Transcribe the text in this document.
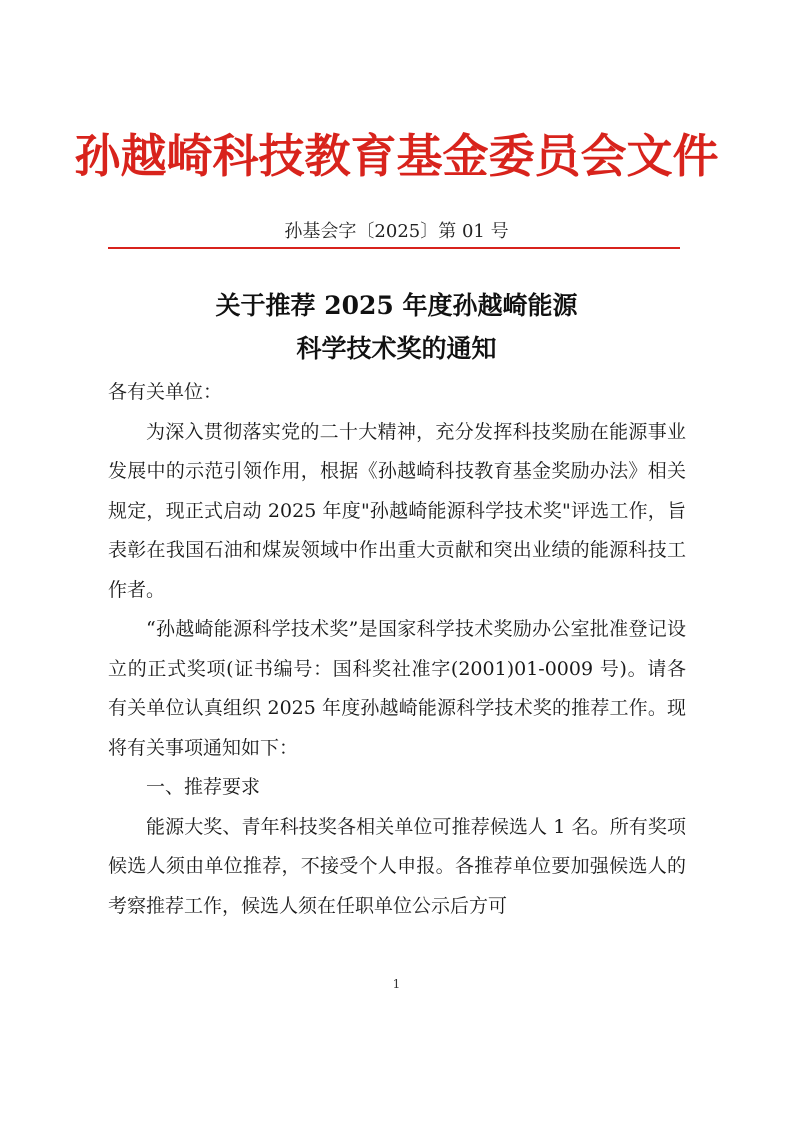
孙越崎科技教育基金委员会文件
孙基会字〔2025〕第 01 号
关于推荐 2025 年度孙越崎能源
科学技术奖的通知

各有关单位：

为深入贯彻落实党的二十大精神，充分发挥科技奖励在能源事业发展中的示范引领作用，根据《孙越崎科技教育基金奖励办法》相关规定，现正式启动 2025 年度"孙越崎能源科学技术奖"评选工作，旨表彰在我国石油和煤炭领域中作出重大贡献和突出业绩的能源科技工作者。

“孙越崎能源科学技术奖”是国家科学技术奖励办公室批准登记设立的正式奖项(证书编号：国科奖社准字(2001)01-0009 号)。请各有关单位认真组织 2025 年度孙越崎能源科学技术奖的推荐工作。现将有关事项通知如下：

一、推荐要求

能源大奖、青年科技奖各相关单位可推荐候选人 1 名。所有奖项候选人须由单位推荐，不接受个人申报。各推荐单位要加强候选人的考察推荐工作，候选人须在任职单位公示后方可

1
